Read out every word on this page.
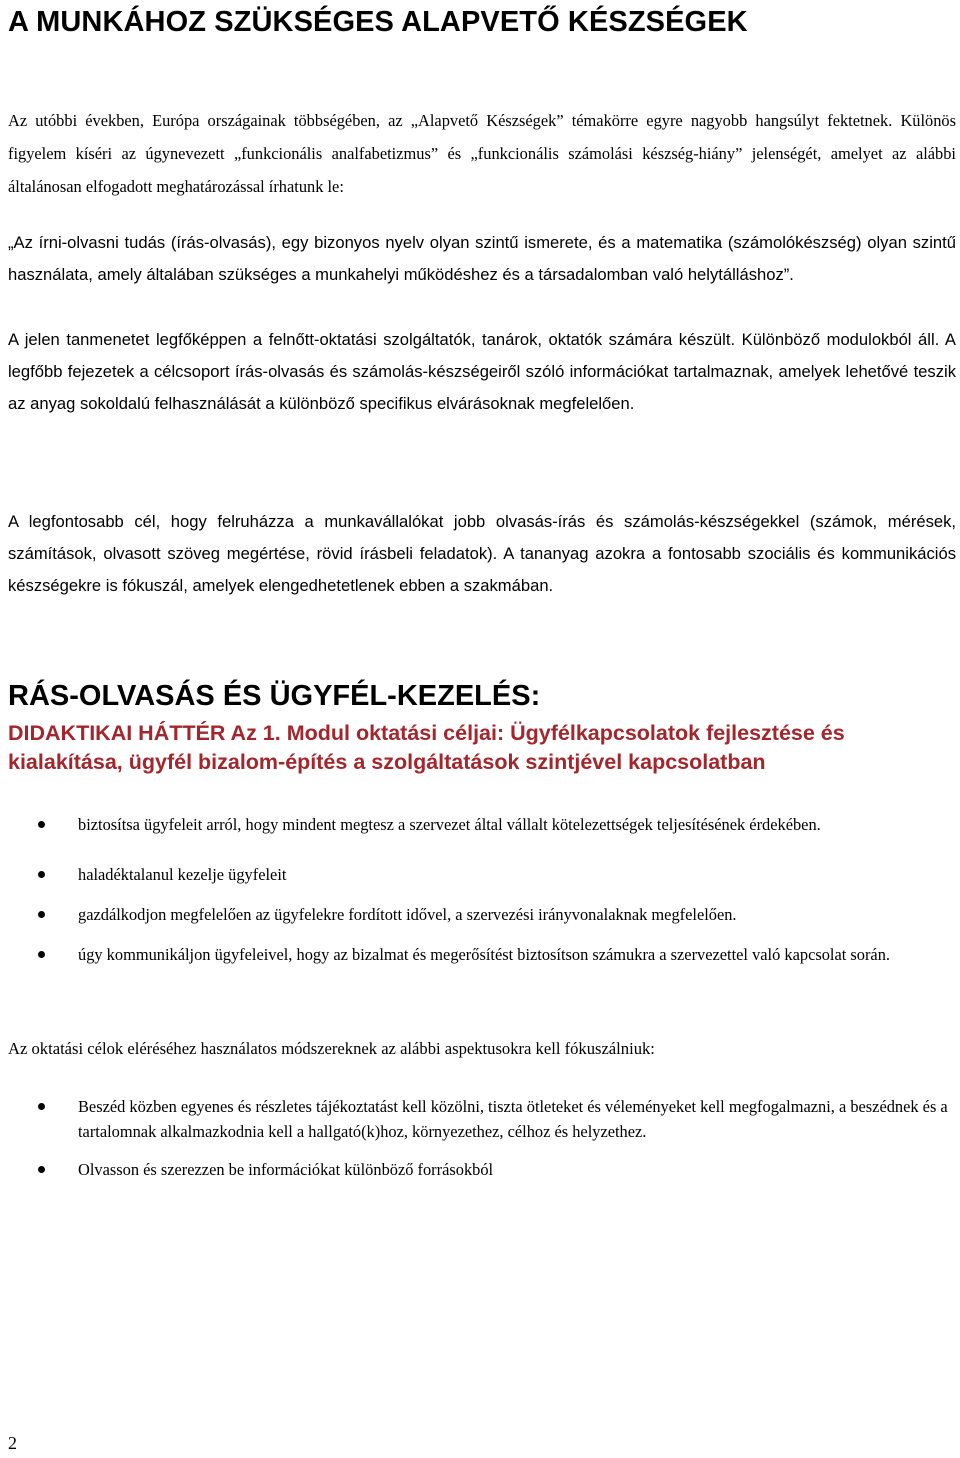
A MUNKÁHOZ SZÜKSÉGES ALAPVETŐ KÉSZSÉGEK

Az utóbbi években, Európa országainak többségében, az „Alapvető Készségek” témakörre egyre nagyobb hangsúlyt fektetnek. Különös figyelem kíséri az úgynevezett „funkcionális analfabetizmus” és „funkcionális számolási készség-hiány” jelenségét, amelyet az alábbi általánosan elfogadott meghatározással írhatunk le:

„Az írni-olvasni tudás (írás-olvasás), egy bizonyos nyelv olyan szintű ismerete, és a matematika (számolókészség) olyan szintű használata, amely általában szükséges a munkahelyi működéshez és a társadalomban való helytálláshoz”.

A jelen tanmenetet legfőképpen a felnőtt-oktatási szolgáltatók, tanárok, oktatók számára készült. Különböző modulokból áll. A legfőbb fejezetek a célcsoport írás-olvasás és számolás-készségeiről szóló információkat tartalmaznak, amelyek lehetővé teszik az anyag sokoldalú felhasználását a különböző specifikus elvárásoknak megfelelően.

A legfontosabb cél, hogy felruházza a munkavállalókat jobb olvasás-írás és számolás-készségekkel (számok, mérések, számítások, olvasott szöveg megértése, rövid írásbeli feladatok). A tananyag azokra a fontosabb szociális és kommunikációs készségekre is fókuszál, amelyek elengedhetetlenek ebben a szakmában.

RÁS-OLVASÁS ÉS ÜGYFÉL-KEZELÉS:
DIDAKTIKAI HÁTTÉR Az 1. Modul oktatási céljai: Ügyfélkapcsolatok fejlesztése és kialakítása, ügyfél bizalom-építés a szolgáltatások szintjével kapcsolatban
biztosítsa ügyfeleit arról, hogy mindent megtesz a szervezet által vállalt kötelezettségek teljesítésének érdekében.
haladéktalanul kezelje ügyfeleit
gazdálkodjon megfelelően az ügyfelekre fordított idővel, a szervezési irányvonalaknak megfelelően.
úgy kommunikáljon ügyfeleivel, hogy az bizalmat és megerősítést biztosítson számukra a szervezettel való kapcsolat során.

Az oktatási célok eléréséhez használatos módszereknek az alábbi aspektusokra kell fókuszálniuk:

Beszéd közben egyenes és részletes tájékoztatást kell közölni, tiszta ötleteket és véleményeket kell megfogalmazni, a beszédnek és a tartalomnak alkalmazkodnia kell a hallgató(k)hoz, környezethez, célhoz és helyzethez.
Olvasson és szerezzen be információkat különböző forrásokból

2
